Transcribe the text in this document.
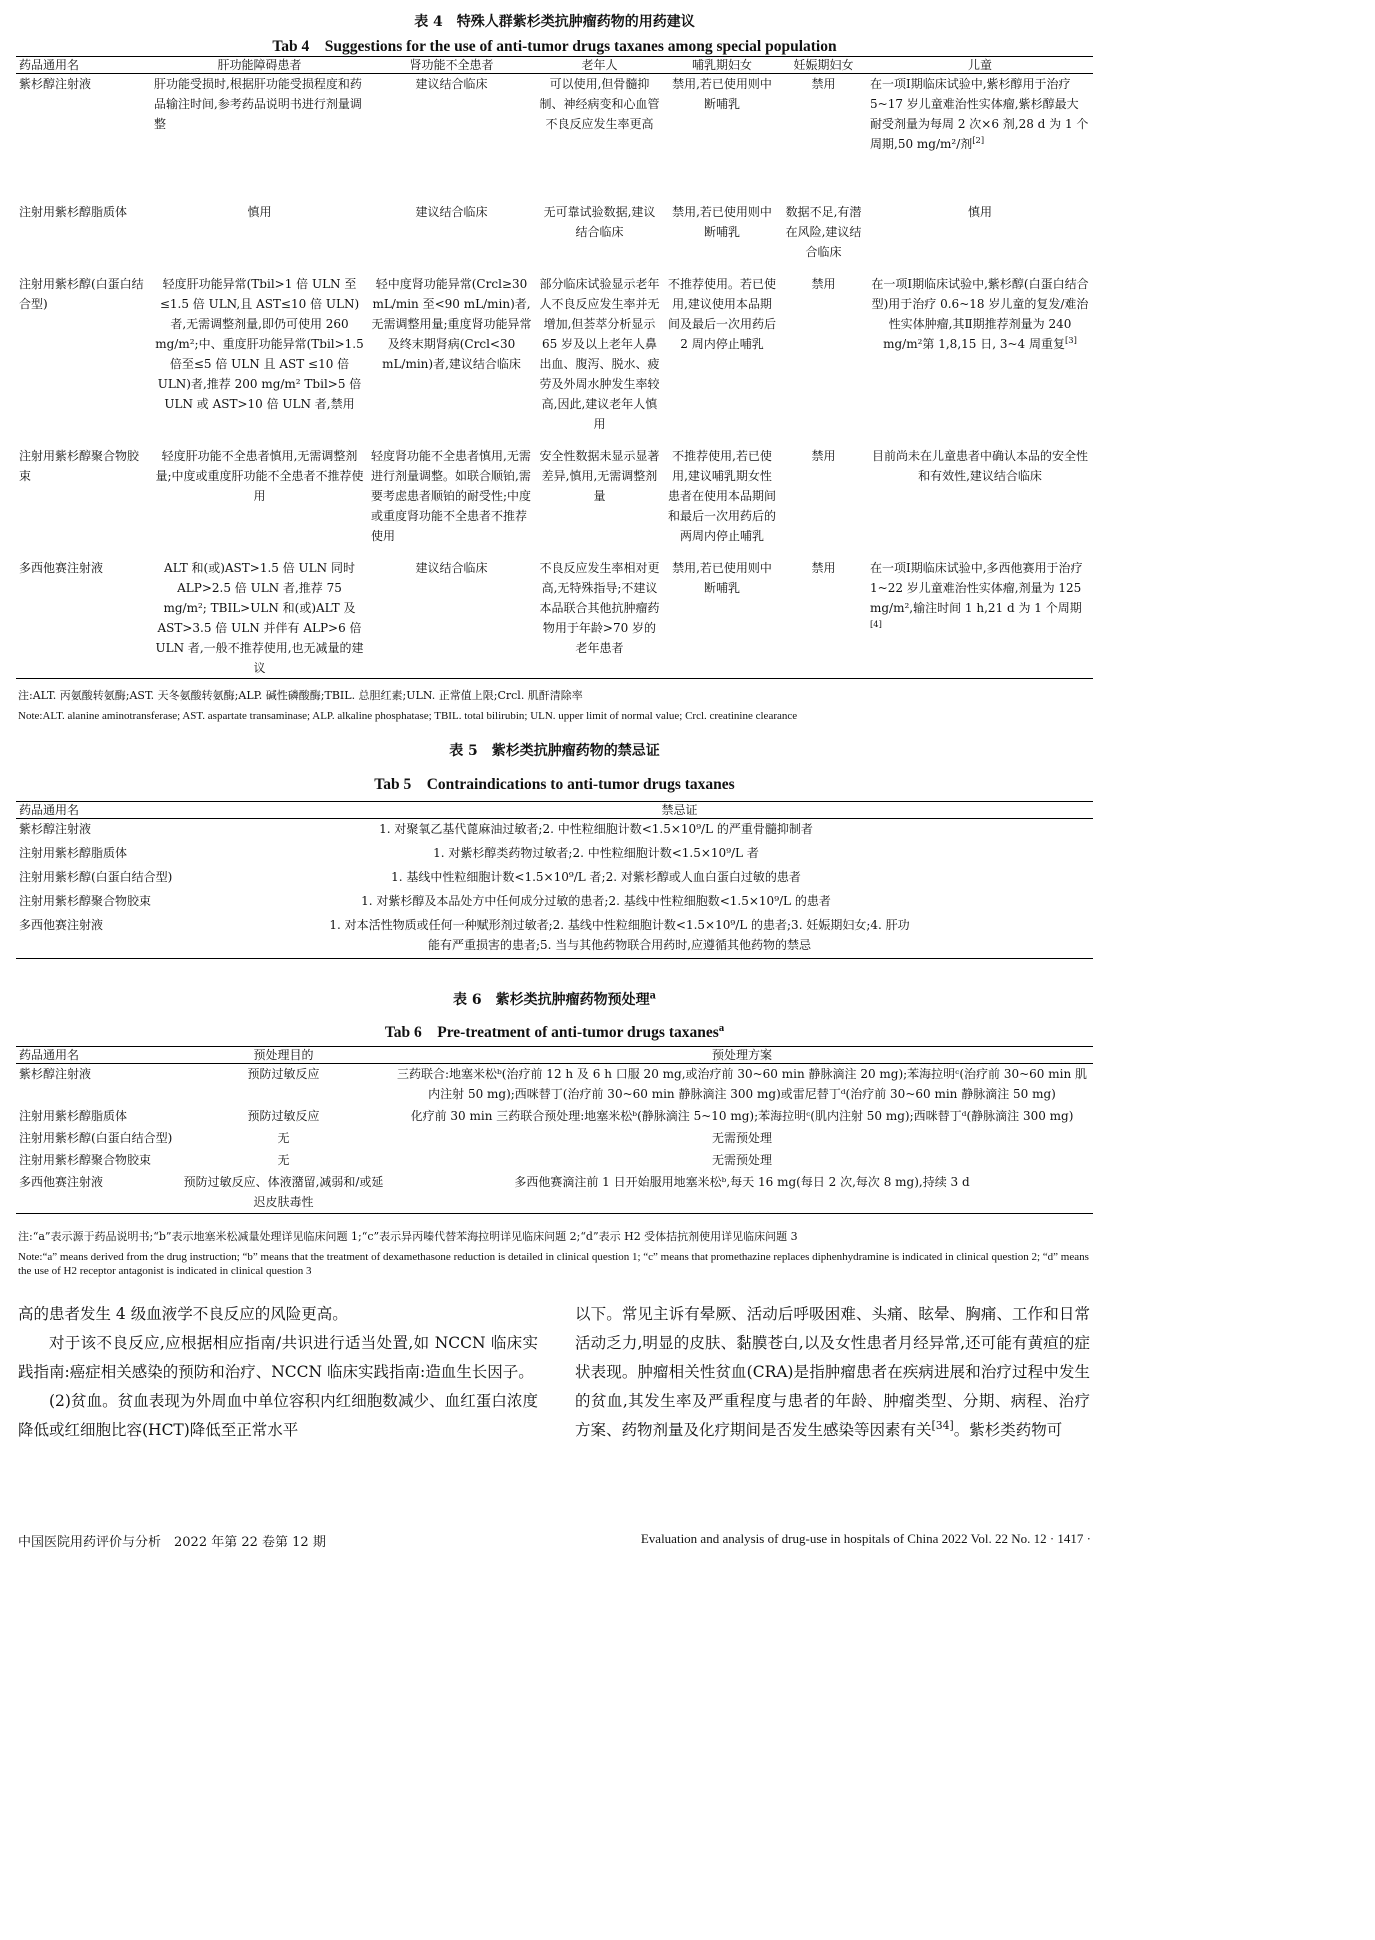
表 4　特殊人群紫杉类抗肿瘤药物的用药建议
Tab 4　Suggestions for the use of anti-tumor drugs taxanes among special population
药品通用名	肝功能障碍患者	肾功能不全患者	老年人	哺乳期妇女	妊娠期妇女	儿童
紫杉醇注射液	肝功能受损时,根据肝功能受损程度和药品输注时间,参考药品说明书进行剂量调整	建议结合临床	可以使用,但骨髓抑制、神经病变和心血管不良反应发生率更高	禁用,若已使用则中断哺乳	禁用	在一项Ⅰ期临床试验中,紫杉醇用于治疗 5~17 岁儿童难治性实体瘤,紫杉醇最大耐受剂量为每周 2 次×6 剂,28 d 为 1 个周期,50 mg/m²/剂[2]
注射用紫杉醇脂质体	慎用	建议结合临床	无可靠试验数据,建议结合临床	禁用,若已使用则中断哺乳	数据不足,有潜在风险,建议结合临床	慎用
注射用紫杉醇(白蛋白结合型)	轻度肝功能异常(Tbil>1 倍 ULN 至≤1.5 倍 ULN,且 AST≤10 倍 ULN)者,无需调整剂量,即仍可使用 260 mg/m²;中、重度肝功能异常(Tbil>1.5 倍至≤5 倍 ULN 且 AST ≤10 倍 ULN)者,推荐 200 mg/m² Tbil>5 倍 ULN 或 AST>10 倍 ULN 者,禁用	轻中度肾功能异常(Crcl≥30 mL/min 至<90 mL/min)者,无需调整用量;重度肾功能异常及终末期肾病(Crcl<30 mL/min)者,建议结合临床	部分临床试验显示老年人不良反应发生率并无增加,但荟萃分析显示 65 岁及以上老年人鼻出血、腹泻、脱水、疲劳及外周水肿发生率较高,因此,建议老年人慎用	不推荐使用。若已使用,建议使用本品期间及最后一次用药后 2 周内停止哺乳	禁用	在一项Ⅰ期临床试验中,紫杉醇(白蛋白结合型)用于治疗 0.6~18 岁儿童的复发/难治性实体肿瘤,其Ⅱ期推荐剂量为 240 mg/m²第 1,8,15 日, 3~4 周重复[3]
注射用紫杉醇聚合物胶束	轻度肝功能不全患者慎用,无需调整剂量;中度或重度肝功能不全患者不推荐使用	轻度肾功能不全患者慎用,无需进行剂量调整。如联合顺铂,需要考虑患者顺铂的耐受性;中度或重度肾功能不全患者不推荐使用	安全性数据未显示显著差异,慎用,无需调整剂量	不推荐使用,若已使用,建议哺乳期女性患者在使用本品期间和最后一次用药后的两周内停止哺乳	禁用	目前尚未在儿童患者中确认本品的安全性和有效性,建议结合临床
多西他赛注射液	ALT 和(或)AST>1.5 倍 ULN 同时 ALP>2.5 倍 ULN 者,推荐 75 mg/m²; TBIL>ULN 和(或)ALT 及 AST>3.5 倍 ULN 并伴有 ALP>6 倍 ULN 者,一般不推荐使用,也无减量的建议	建议结合临床	不良反应发生率相对更高,无特殊指导;不建议本品联合其他抗肿瘤药物用于年龄>70 岁的老年患者	禁用,若已使用则中断哺乳	禁用	在一项Ⅰ期临床试验中,多西他赛用于治疗 1~22 岁儿童难治性实体瘤,剂量为 125 mg/m²,输注时间 1 h,21 d 为 1 个周期[4]
注:ALT. 丙氨酸转氨酶;AST. 天冬氨酸转氨酶;ALP. 碱性磷酸酶;TBIL. 总胆红素;ULN. 正常值上限;Crcl. 肌酐清除率
Note:ALT. alanine aminotransferase; AST. aspartate transaminase; ALP. alkaline phosphatase; TBIL. total bilirubin; ULN. upper limit of normal value; Crcl. creatinine clearance
表 5　紫杉类抗肿瘤药物的禁忌证
Tab 5　Contraindications to anti-tumor drugs taxanes
药品通用名	禁忌证
紫杉醇注射液	1. 对聚氧乙基代蓖麻油过敏者;2. 中性粒细胞计数<1.5×10⁹/L 的严重骨髓抑制者
注射用紫杉醇脂质体	1. 对紫杉醇类药物过敏者;2. 中性粒细胞计数<1.5×10⁹/L 者
注射用紫杉醇(白蛋白结合型)	1. 基线中性粒细胞计数<1.5×10⁹/L 者;2. 对紫杉醇或人血白蛋白过敏的患者
注射用紫杉醇聚合物胶束	1. 对紫杉醇及本品处方中任何成分过敏的患者;2. 基线中性粒细胞数<1.5×10⁹/L 的患者
多西他赛注射液	1. 对本活性物质或任何一种赋形剂过敏者;2. 基线中性粒细胞计数<1.5×10⁹/L 的患者;3. 妊娠期妇女;4. 肝功能有严重损害的患者;5. 当与其他药物联合用药时,应遵循其他药物的禁忌
表 6　紫杉类抗肿瘤药物预处理$^a$
Tab 6　Pre-treatment of anti-tumor drugs taxanes$^a$
药品通用名	预处理目的	预处理方案
紫杉醇注射液	预防过敏反应	三药联合:地塞米松ᵇ(治疗前 12 h 及 6 h 口服 20 mg,或治疗前 30~60 min 静脉滴注 20 mg);苯海拉明ᶜ(治疗前 30~60 min 肌内注射 50 mg);西咪替丁(治疗前 30~60 min 静脉滴注 300 mg)或雷尼替丁ᵈ(治疗前 30~60 min 静脉滴注 50 mg)
注射用紫杉醇脂质体	预防过敏反应	化疗前 30 min 三药联合预处理:地塞米松ᵇ(静脉滴注 5~10 mg);苯海拉明ᶜ(肌内注射 50 mg);西咪替丁ᵈ(静脉滴注 300 mg)
注射用紫杉醇(白蛋白结合型)	无	无需预处理
注射用紫杉醇聚合物胶束	无	无需预处理
多西他赛注射液	预防过敏反应、体液潴留,减弱和/或延迟皮肤毒性	多西他赛滴注前 1 日开始服用地塞米松ᵇ,每天 16 mg(每日 2 次,每次 8 mg),持续 3 d
注:“a”表示源于药品说明书;“b”表示地塞米松减量处理详见临床问题 1;“c”表示异丙嗪代替苯海拉明详见临床问题 2;“d”表示 H2 受体拮抗剂使用详见临床问题 3
Note:“a” means derived from the drug instruction; “b” means that the treatment of dexamethasone reduction is detailed in clinical question 1; “c” means that promethazine replaces diphenhydramine is indicated in clinical question 2; “d” means the use of H2 receptor antagonist is indicated in clinical question 3

高的患者发生 4 级血液学不良反应的风险更高。

对于该不良反应,应根据相应指南/共识进行适当处置,如 NCCN 临床实践指南:癌症相关感染的预防和治疗、NCCN 临床实践指南:造血生长因子。

(2)贫血。贫血表现为外周血中单位容积内红细胞数减少、血红蛋白浓度降低或红细胞比容(HCT)降低至正常水平

以下。常见主诉有晕厥、活动后呼吸困难、头痛、眩晕、胸痛、工作和日常活动乏力,明显的皮肤、黏膜苍白,以及女性患者月经异常,还可能有黄疸的症状表现。肿瘤相关性贫血(CRA)是指肿瘤患者在疾病进展和治疗过程中发生的贫血,其发生率及严重程度与患者的年龄、肿瘤类型、分期、病程、治疗方案、药物剂量及化疗期间是否发生感染等因素有关[34]。紫杉类药物可

中国医院用药评价与分析　2022 年第 22 卷第 12 期	Evaluation and analysis of drug-use in hospitals of China 2022 Vol. 22 No. 12 · 1417 ·
